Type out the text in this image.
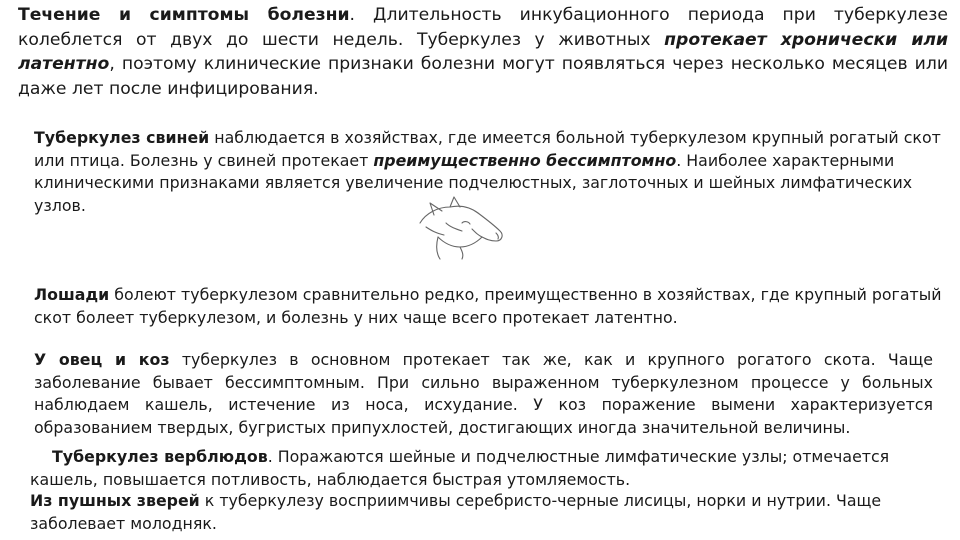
Течение и симптомы болезни. Длительность инкубационного периода при туберкулезе колеблется от двух до шести недель. Туберкулез у животных протекает хронически или латентно, поэтому клинические признаки болезни могут появляться через несколько месяцев или даже лет после инфицирования.

Туберкулез свиней наблюдается в хозяйствах, где имеется больной туберкулезом крупный рогатый скот или птица. Болезнь у свиней протекает преимущественно бессимптомно. Наиболее характерными клиническими признаками является увеличение подчелюстных, заглоточных и шейных лимфатических узлов.

Лошади болеют туберкулезом сравнительно редко, преимущественно в хозяйствах, где крупный рогатый скот болеет туберкулезом, и болезнь у них чаще всего протекает латентно.

У овец и коз туберкулез в основном протекает так же, как и крупного рогатого скота. Чаще заболевание бывает бессимптомным. При сильно выраженном туберкулезном процессе у больных наблюдаем кашель, истечение из носа, исхудание. У коз поражение вымени характеризуется образованием твердых, бугристых припухлостей, достигающих иногда значительной величины.

Туберкулез верблюдов. Поражаются шейные и подчелюстные лимфатические узлы; отмечается кашель, повышается потливость, наблюдается быстрая утомляемость.

Из пушных зверей к туберкулезу восприимчивы серебристо-черные лисицы, норки и нутрии. Чаще заболевает молодняк.
